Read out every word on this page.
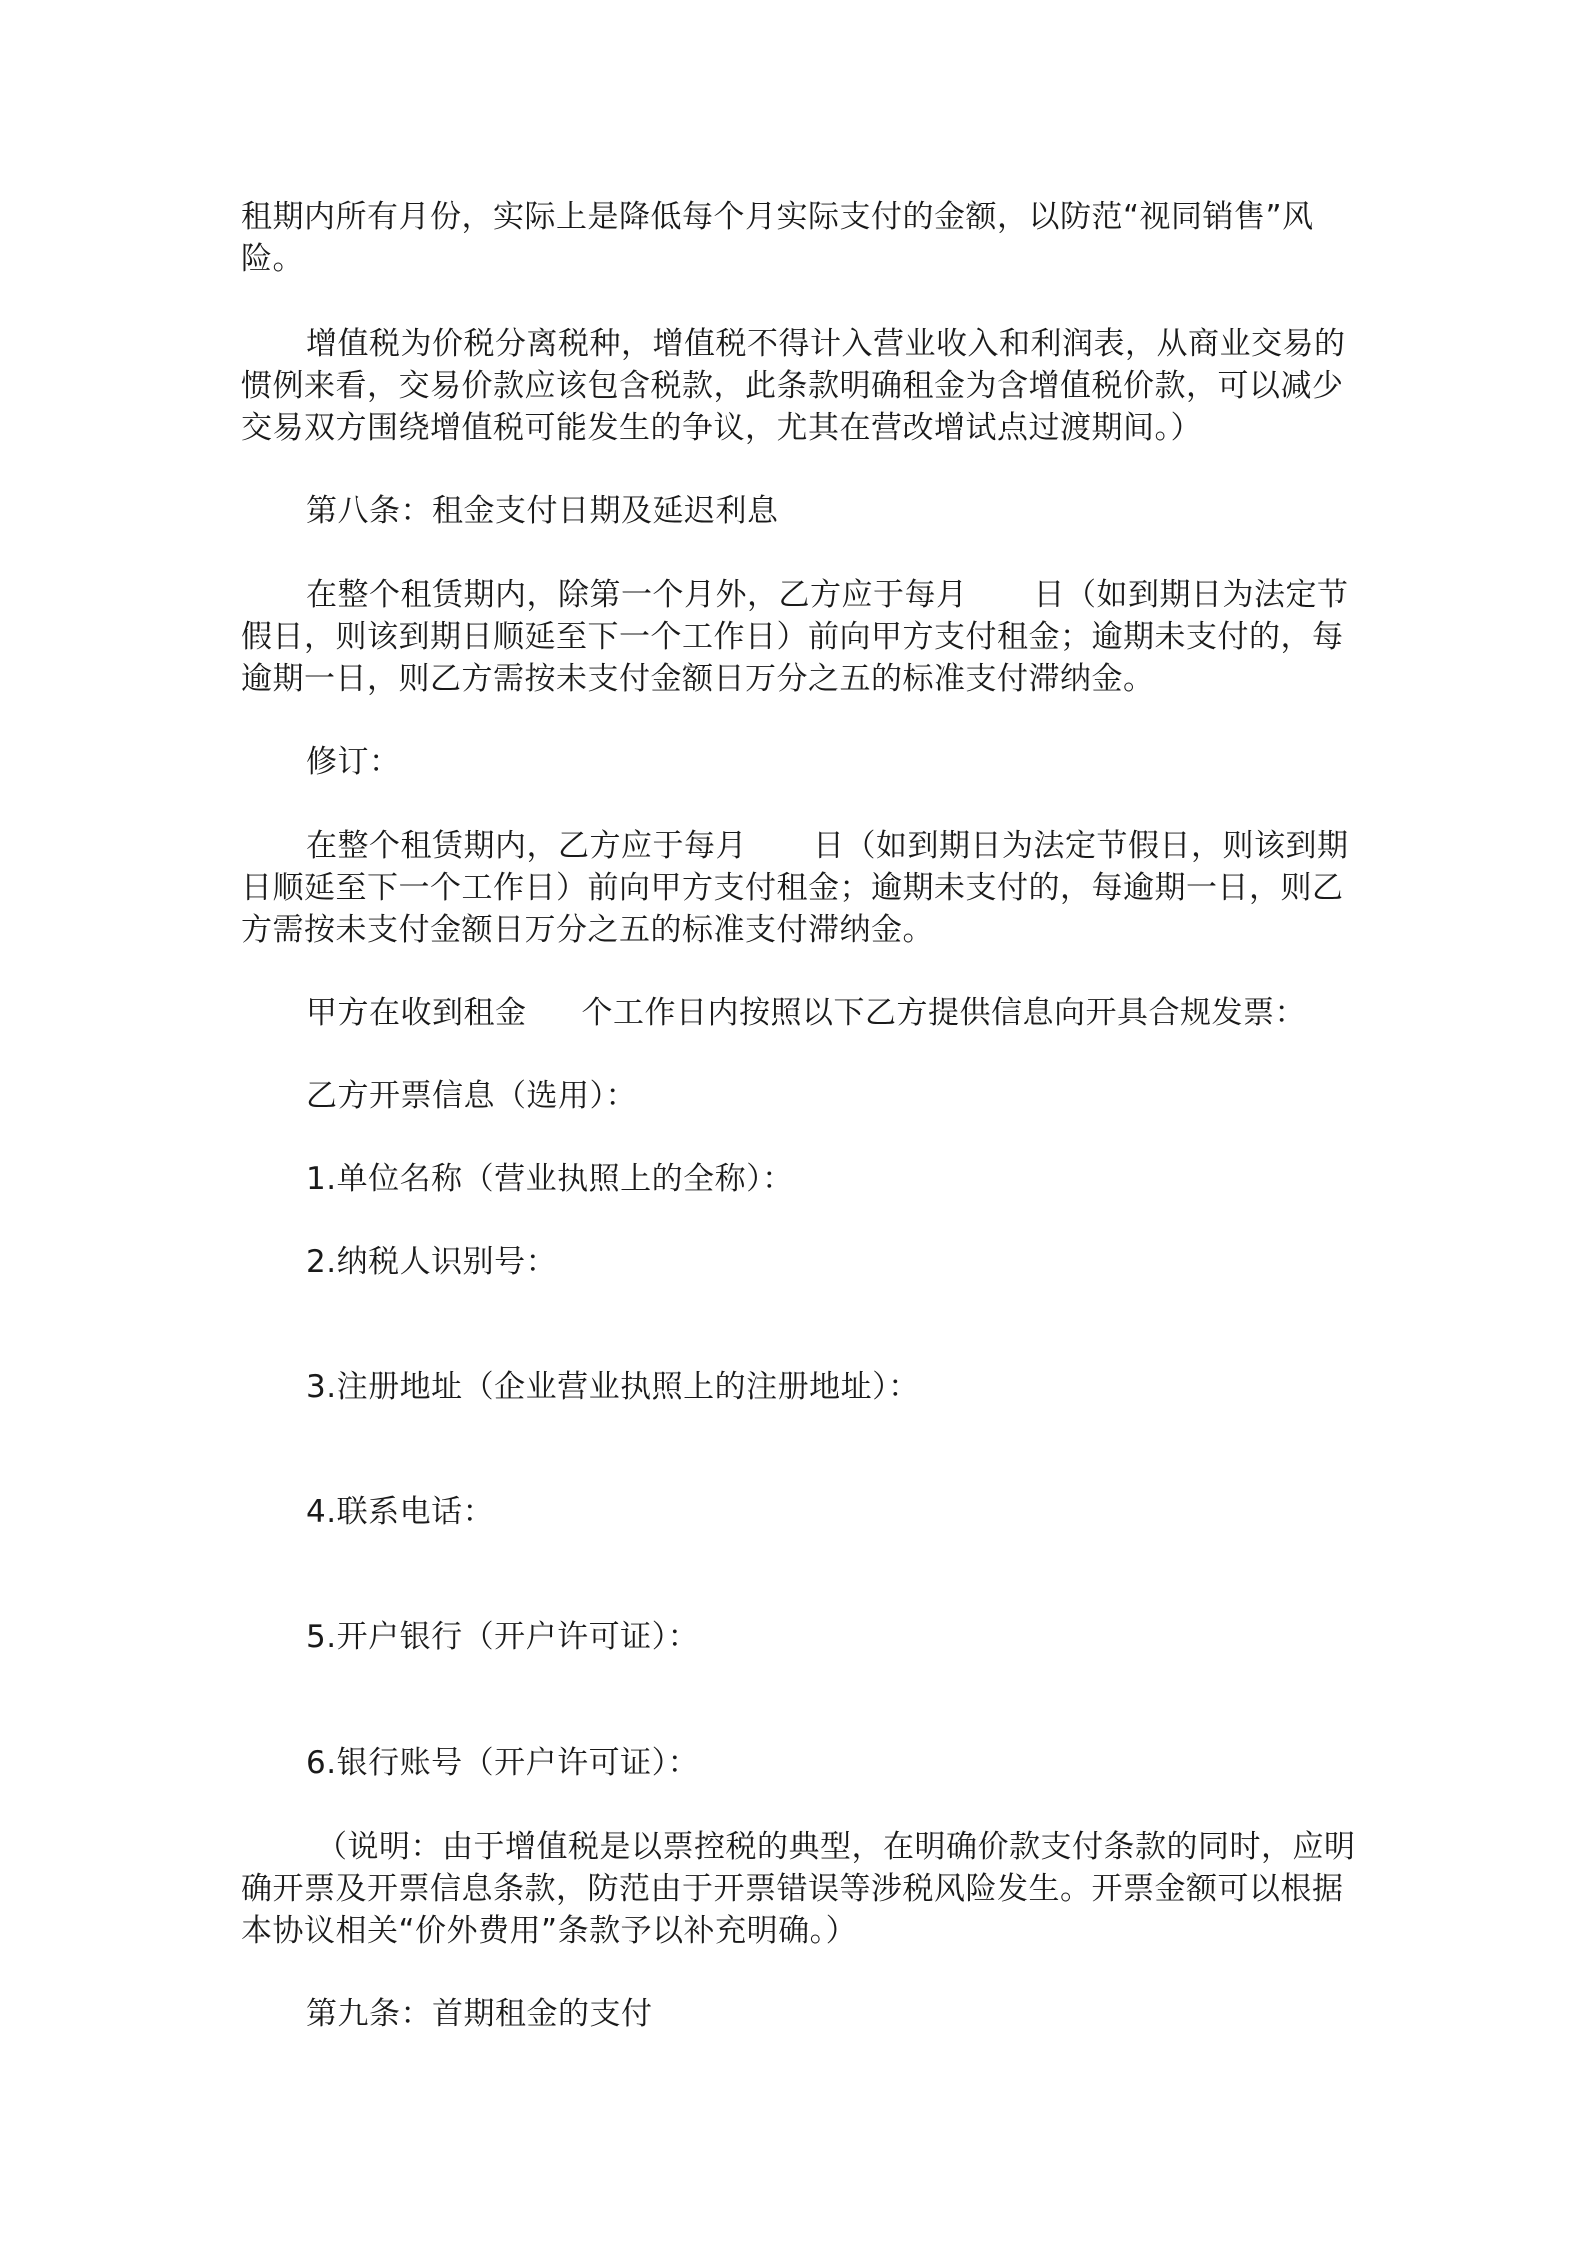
租期内所有月份，实际上是降低每个月实际支付的金额，以防范“视同销售”风
险。

增值税为价税分离税种，增值税不得计入营业收入和利润表，从商业交易的
惯例来看，交易价款应该包含税款，此条款明确租金为含增值税价款，可以减少
交易双方围绕增值税可能发生的争议，尤其在营改增试点过渡期间。）

第八条：租金支付日期及延迟利息

在整个租赁期内，除第一个月外，乙方应于每月 日（如到期日为法定节
假日，则该到期日顺延至下一个工作日）前向甲方支付租金；逾期未支付的，每
逾期一日，则乙方需按未支付金额日万分之五的标准支付滞纳金。

修订：

在整个租赁期内，乙方应于每月 日（如到期日为法定节假日，则该到期
日顺延至下一个工作日）前向甲方支付租金；逾期未支付的，每逾期一日，则乙
方需按未支付金额日万分之五的标准支付滞纳金。

甲方在收到租金 个工作日内按照以下乙方提供信息向开具合规发票：

乙方开票信息（选用）：

1.单位名称（营业执照上的全称）：

2.纳税人识别号：

3.注册地址（企业营业执照上的注册地址）：

4.联系电话：

5.开户银行（开户许可证）：

6.银行账号（开户许可证）：

（说明：由于增值税是以票控税的典型，在明确价款支付条款的同时，应明
确开票及开票信息条款，防范由于开票错误等涉税风险发生。开票金额可以根据
本协议相关“价外费用”条款予以补充明确。）

第九条：首期租金的支付
